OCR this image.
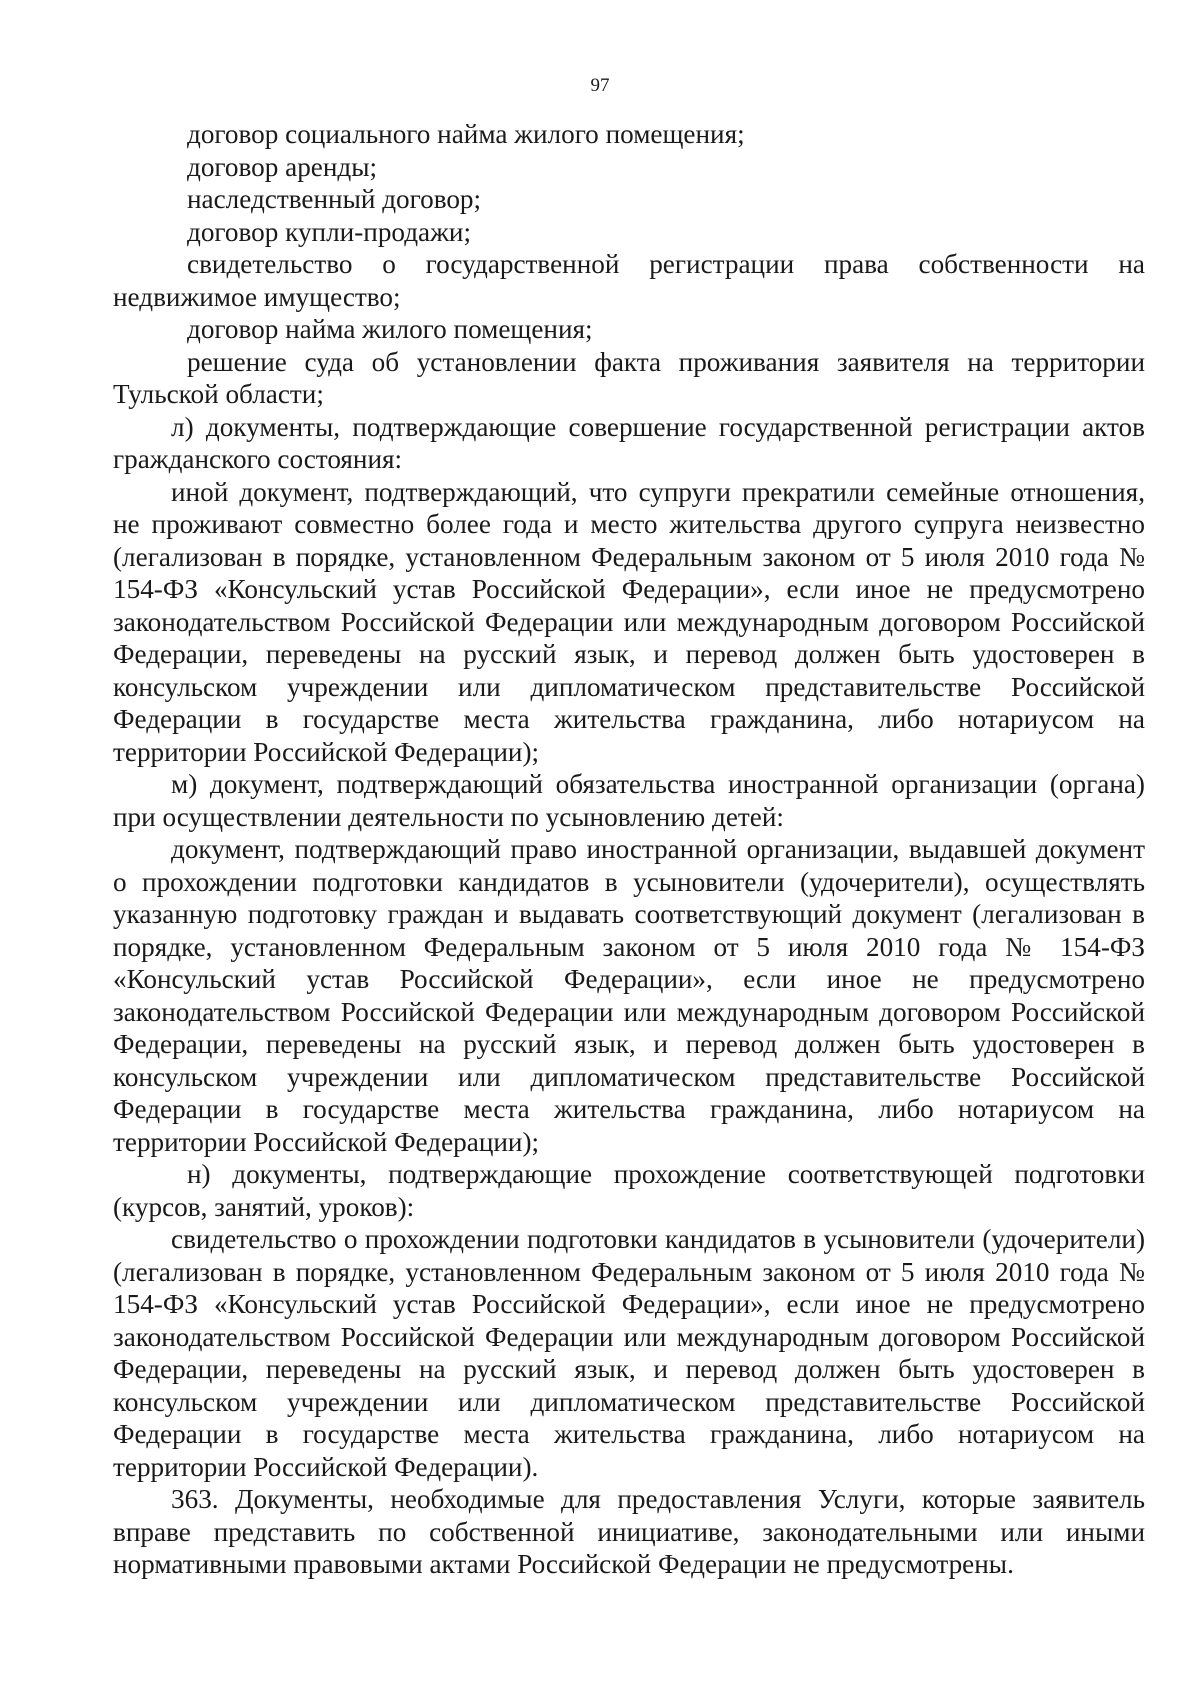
97

договор социального найма жилого помещения;

договор аренды;

наследственный договор;

договор купли-продажи;

свидетельство о государственной регистрации права собственности на недвижимое имущество;

договор найма жилого помещения;

решение суда об установлении факта проживания заявителя на территории Тульской области;

л) документы, подтверждающие совершение государственной регистрации актов гражданского состояния:

иной документ, подтверждающий, что супруги прекратили семейные отношения, не проживают совместно более года и место жительства другого супруга неизвестно (легализован в порядке, установленном Федеральным законом от 5 июля 2010 года № 154-ФЗ «Консульский устав Российской Федерации», если иное не предусмотрено законодательством Российской Федерации или международным договором Российской Федерации, переведены на русский язык, и перевод должен быть удостоверен в консульском учреждении или дипломатическом представительстве Российской Федерации в государстве места жительства гражданина, либо нотариусом на территории Российской Федерации);

м) документ, подтверждающий обязательства иностранной организации (органа) при осуществлении деятельности по усыновлению детей:

документ, подтверждающий право иностранной организации, выдавшей документ о прохождении подготовки кандидатов в усыновители (удочерители), осуществлять указанную подготовку граждан и выдавать соответствующий документ (легализован в порядке, установленном Федеральным законом от 5 июля 2010 года № 154-ФЗ «Консульский устав Российской Федерации», если иное не предусмотрено законодательством Российской Федерации или международным договором Российской Федерации, переведены на русский язык, и перевод должен быть удостоверен в консульском учреждении или дипломатическом представительстве Российской Федерации в государстве места жительства гражданина, либо нотариусом на территории Российской Федерации);

н) документы, подтверждающие прохождение соответствующей подготовки (курсов, занятий, уроков):

свидетельство о прохождении подготовки кандидатов в усыновители (удочерители) (легализован в порядке, установленном Федеральным законом от 5 июля 2010 года № 154-ФЗ «Консульский устав Российской Федерации», если иное не предусмотрено законодательством Российской Федерации или международным договором Российской Федерации, переведены на русский язык, и перевод должен быть удостоверен в консульском учреждении или дипломатическом представительстве Российской Федерации в государстве места жительства гражданина, либо нотариусом на территории Российской Федерации).

363. Документы, необходимые для предоставления Услуги, которые заявитель вправе представить по собственной инициативе, законодательными или иными нормативными правовыми актами Российской Федерации не предусмотрены.
